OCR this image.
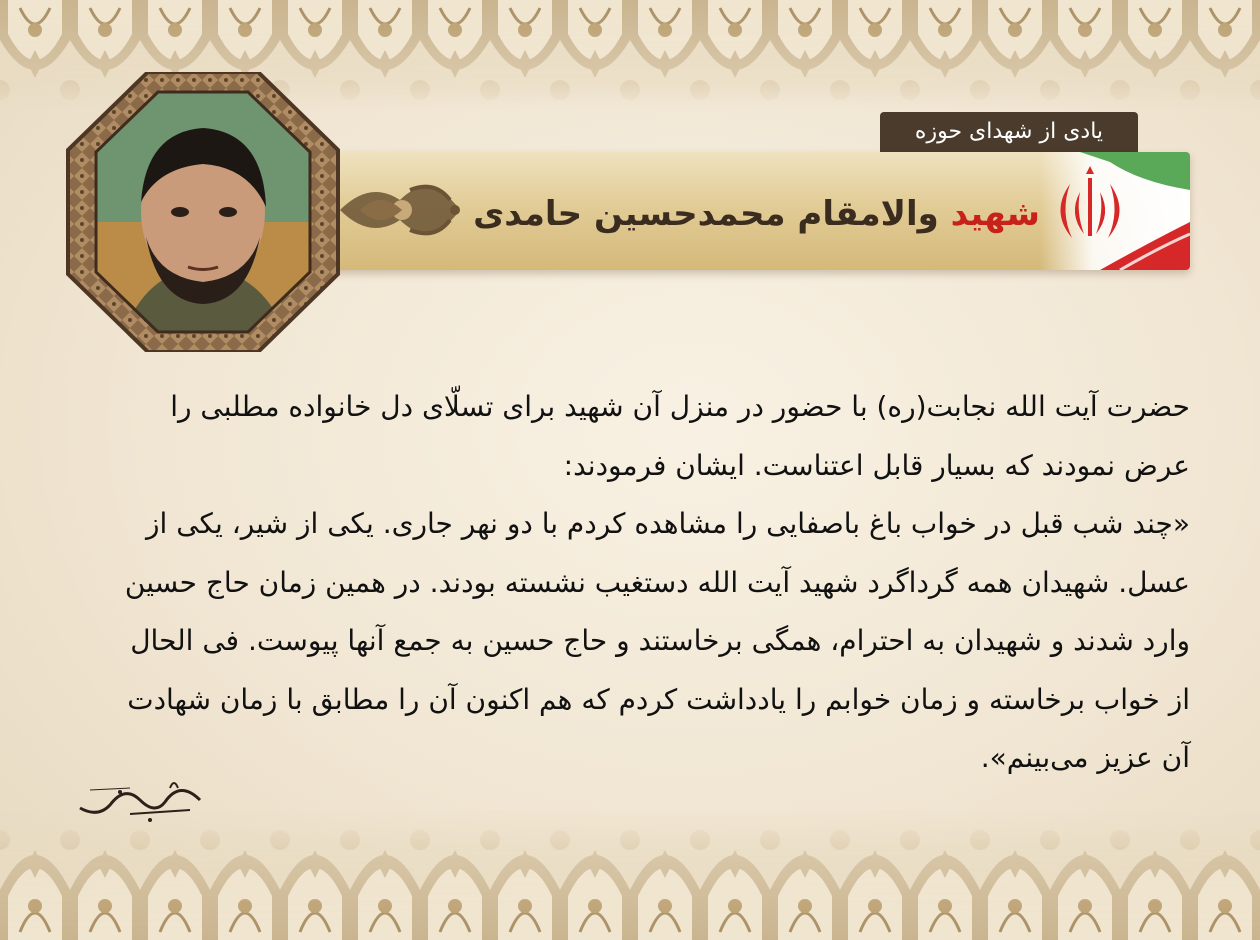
یادی از شهدای حوزه
شهید والامقام محمدحسین حامدی
حضرت آیت الله نجابت(ره) با حضور در منزل آن شهید برای تسلّای دل خانواده مطلبی را
عرض نمودند که بسیار قابل اعتناست. ایشان فرمودند:
«چند شب قبل در خواب باغ باصفایی را مشاهده کردم با دو نهر جاری. یکی از شیر، یکی از
عسل. شهیدان همه گرداگرد شهید آیت الله دستغیب نشسته بودند. در همین زمان حاج حسین
وارد شدند و شهیدان به احترام، همگی برخاستند و حاج حسین به جمع آنها پیوست. فی الحال
از خواب برخاسته و زمان خوابم را یادداشت کردم که هم اکنون آن را مطابق با زمان شهادت
آن عزیز می‌بینم».
